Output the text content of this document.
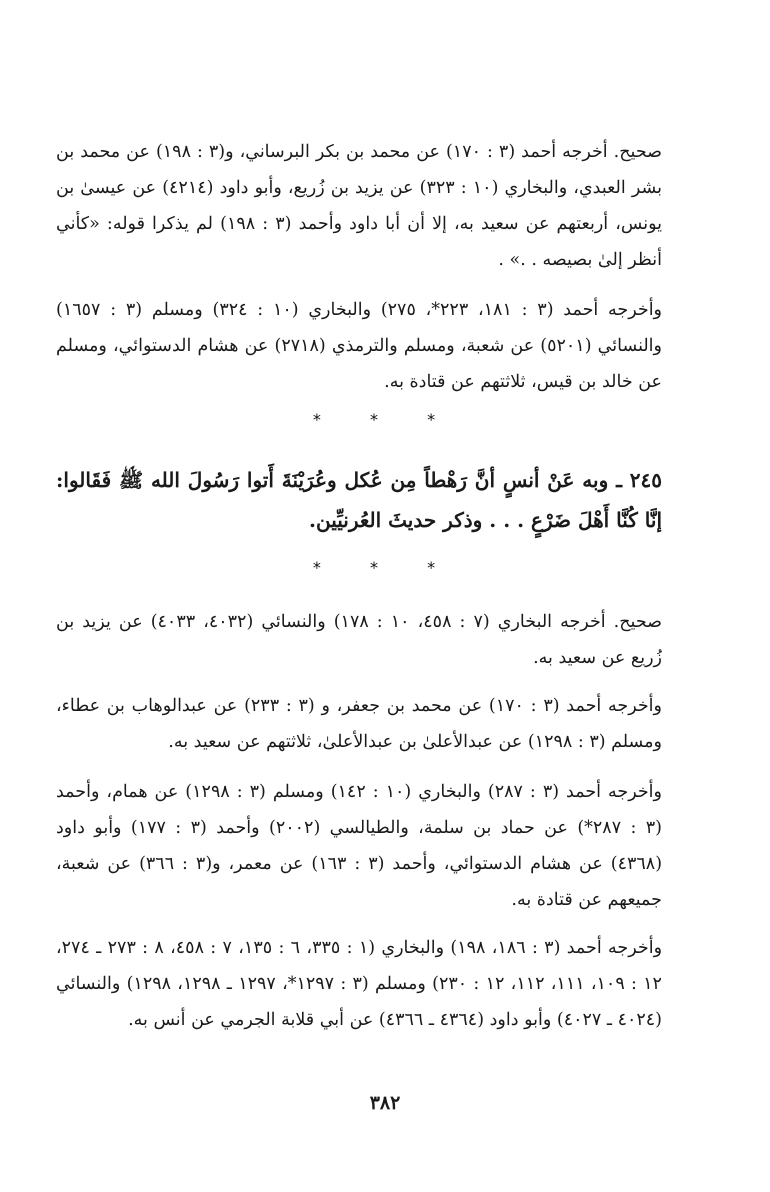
صحيح. أخرجه أحمد (٣ : ١٧٠) عن محمد بن بكر البرساني، و(٣ : ١٩٨) عن محمد بن بشر العبدي، والبخاري (١٠ : ٣٢٣) عن يزيد بن زُريع، وأبو داود (٤٢١٤) عن عيسىٰ بن يونس، أربعتهم عن سعيد به، إلا أن أبا داود وأحمد (٣ : ١٩٨) لم يذكرا قوله: «كأني أنظر إلىٰ بصيصه . .» .

وأخرجه أحمد (٣ : ١٨١، ٢٢٣*، ٢٧٥) والبخاري (١٠ : ٣٢٤) ومسلم (٣ : ١٦٥٧) والنسائي (٥٢٠١) عن شعبة، ومسلم والترمذي (٢٧١٨) عن هشام الدستوائي، ومسلم عن خالد بن قيس، ثلاثتهم عن قتادة به.

* * *

٢٤٥ ـ وبه عَنْ أنسٍ أنَّ رَهْطاً مِن عُكل وعُرَيْنَةَ أَتوا رَسُولَ الله ﷺ فَقَالوا: إنَّا كُنَّا أَهْلَ ضَرْعٍ . . . وذكر حديثَ العُرنيِّين.

* * *

صحيح. أخرجه البخاري (٧ : ٤٥٨، ١٠ : ١٧٨) والنسائي (٤٠٣٢، ٤٠٣٣) عن يزيد بن زُريع عن سعيد به.

وأخرجه أحمد (٣ : ١٧٠) عن محمد بن جعفر، و (٣ : ٢٣٣) عن عبدالوهاب بن عطاء، ومسلم (٣ : ١٢٩٨) عن عبدالأعلىٰ بن عبدالأعلىٰ، ثلاثتهم عن سعيد به.

وأخرجه أحمد (٣ : ٢٨٧) والبخاري (١٠ : ١٤٢) ومسلم (٣ : ١٢٩٨) عن همام، وأحمد (٣ : ٢٨٧*) عن حماد بن سلمة، والطيالسي (٢٠٠٢) وأحمد (٣ : ١٧٧) وأبو داود (٤٣٦٨) عن هشام الدستوائي، وأحمد (٣ : ١٦٣) عن معمر، و(٣ : ٣٦٦) عن شعبة، جميعهم عن قتادة به.

وأخرجه أحمد (٣ : ١٨٦، ١٩٨) والبخاري (١ : ٣٣٥، ٦ : ١٣٥، ٧ : ٤٥٨، ٨ : ٢٧٣ ـ ٢٧٤، ١٢ : ١٠٩، ١١١، ١١٢، ١٢ : ٢٣٠) ومسلم (٣ : ١٢٩٧*، ١٢٩٧ ـ ١٢٩٨، ١٢٩٨) والنسائي (٤٠٢٤ ـ ٤٠٢٧) وأبو داود (٤٣٦٤ ـ ٤٣٦٦) عن أبي قلابة الجرمي عن أنس به.

٣٨٢
